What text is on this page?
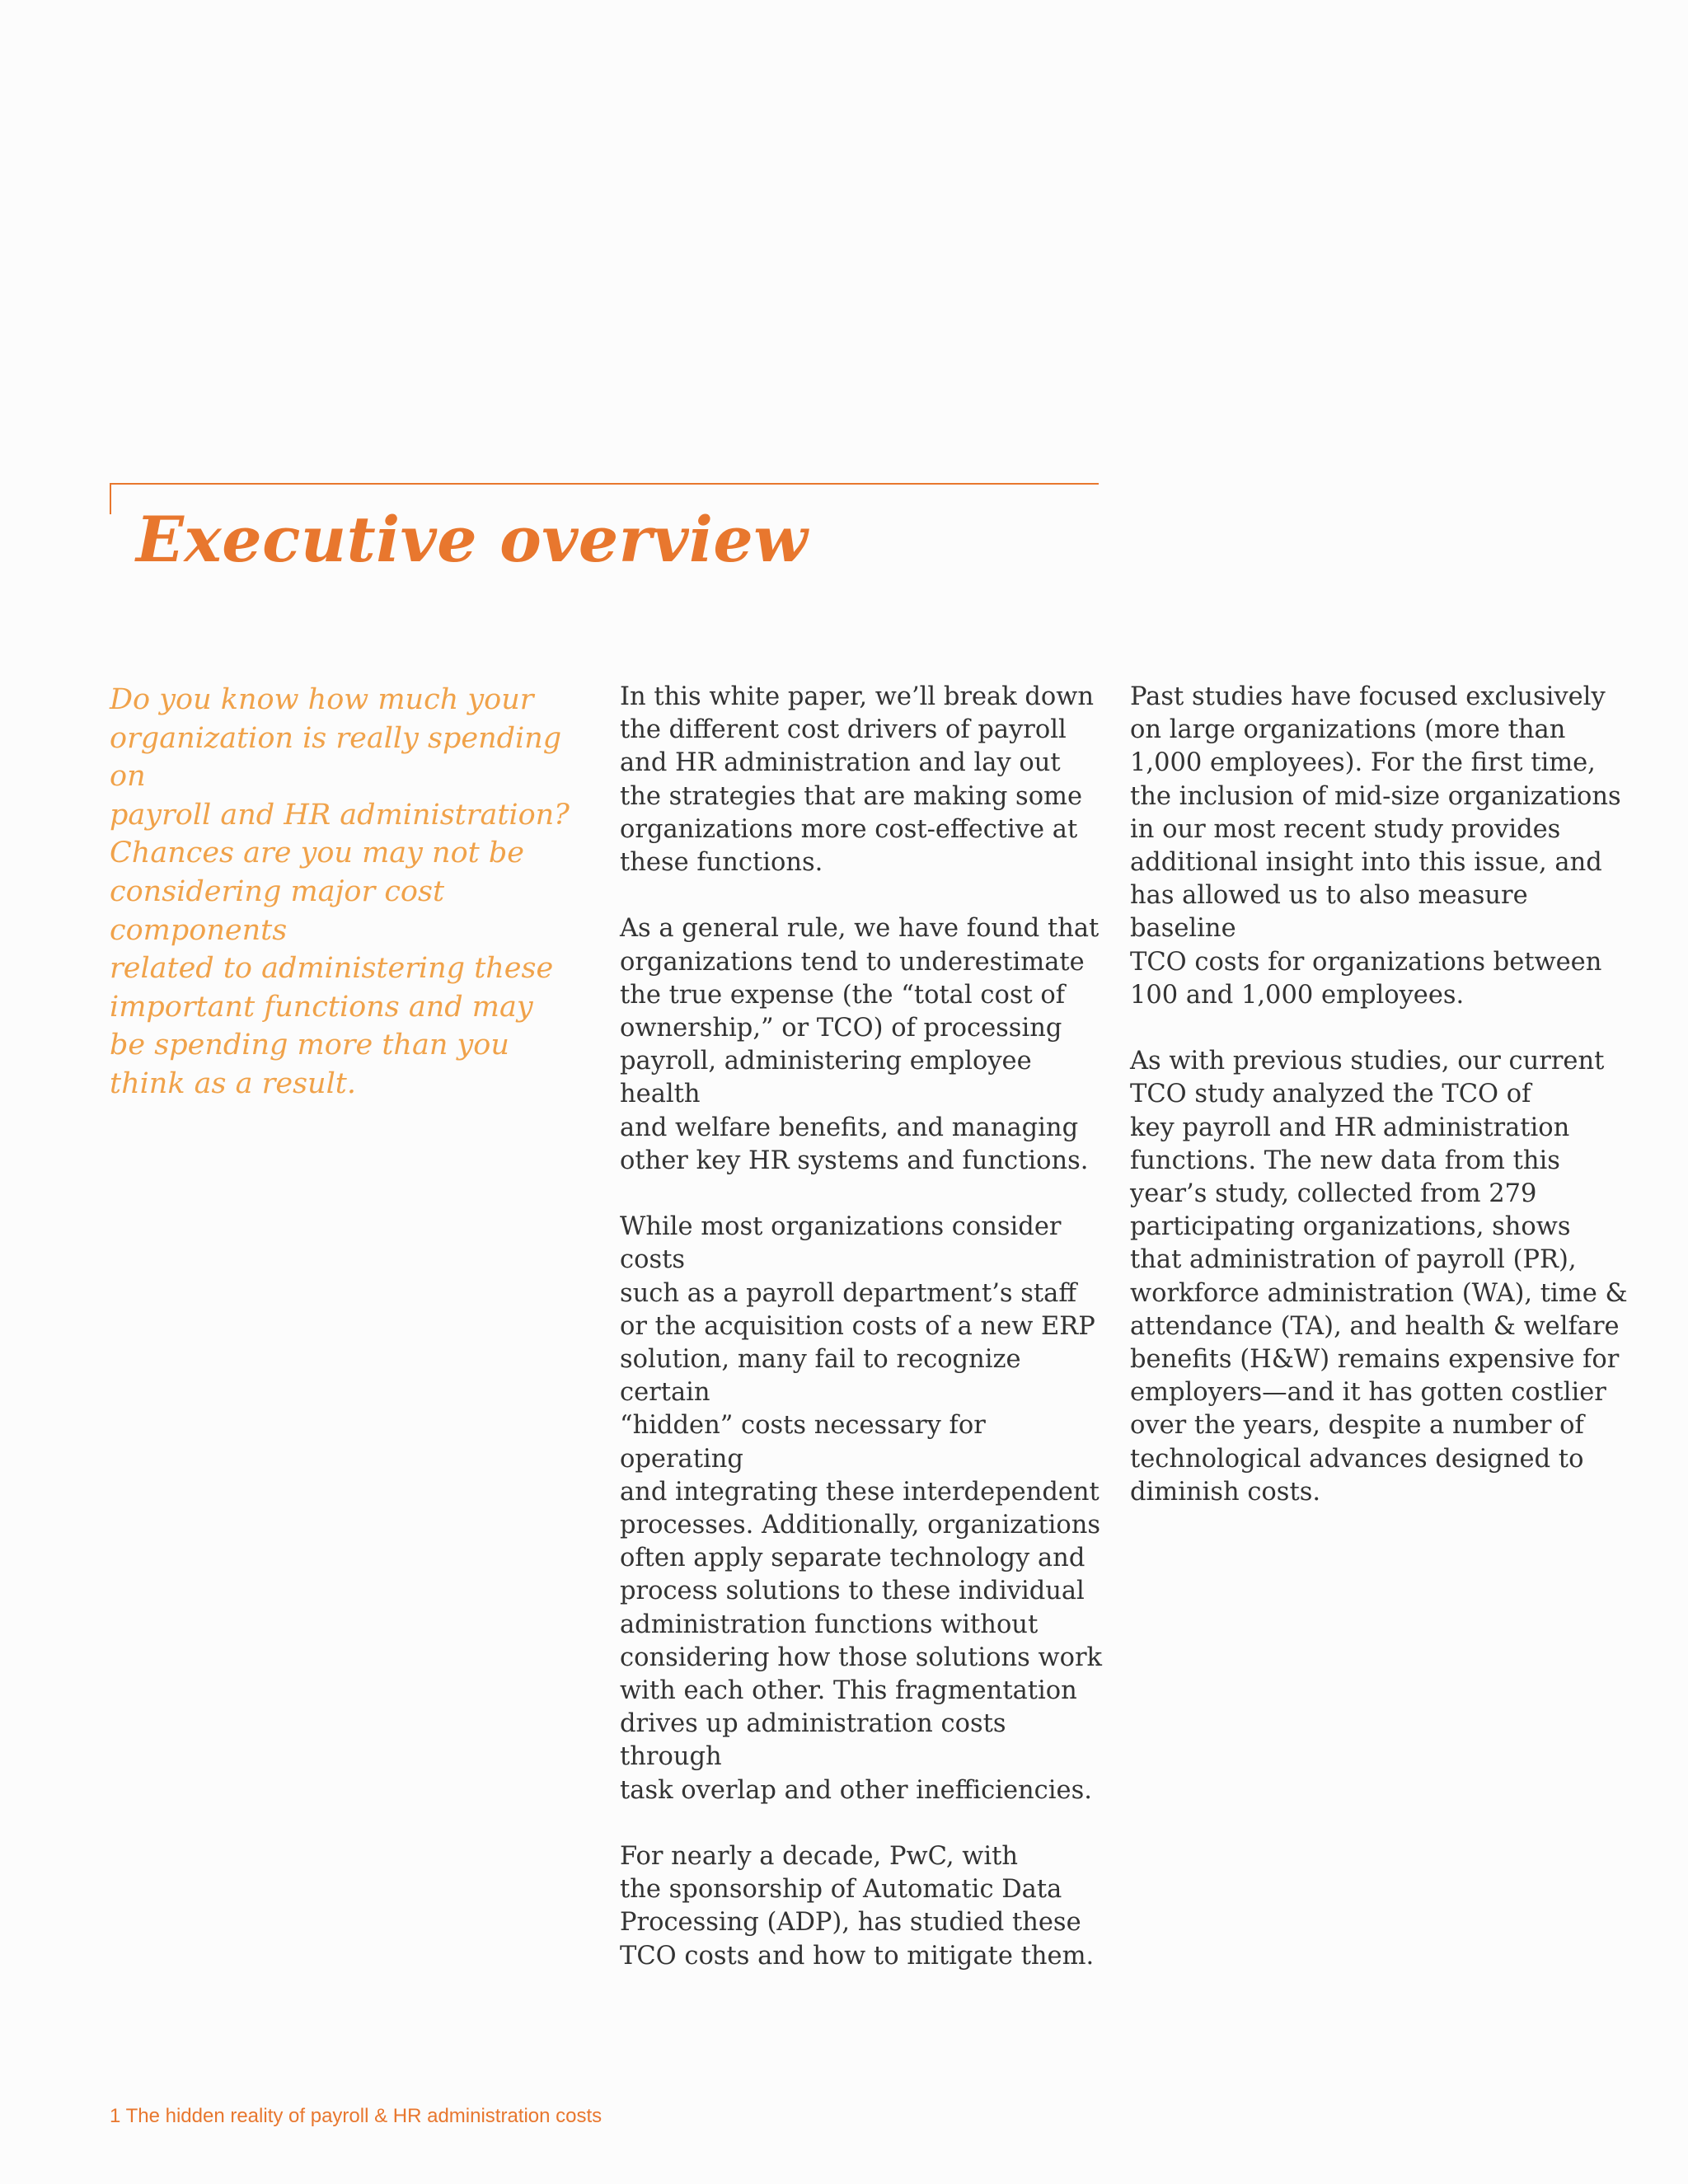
Executive overview

Do you know how much your
organization is really spending on
payroll and HR administration?
Chances are you may not be
considering major cost components
related to administering these
important functions and may
be spending more than you
think as a result.

In this white paper, we’ll break down
the different cost drivers of payroll
and HR administration and lay out
the strategies that are making some
organizations more cost-effective at
these functions.

As a general rule, we have found that
organizations tend to underestimate
the true expense (the “total cost of
ownership,” or TCO) of processing
payroll, administering employee health
and welfare benefits, and managing
other key HR systems and functions.

While most organizations consider costs
such as a payroll department’s staff
or the acquisition costs of a new ERP
solution, many fail to recognize certain
“hidden” costs necessary for operating
and integrating these interdependent
processes. Additionally, organizations
often apply separate technology and
process solutions to these individual
administration functions without
considering how those solutions work
with each other. This fragmentation
drives up administration costs through
task overlap and other inefficiencies.

For nearly a decade, PwC, with
the sponsorship of Automatic Data
Processing (ADP), has studied these
TCO costs and how to mitigate them.

Past studies have focused exclusively
on large organizations (more than
1,000 employees). For the first time,
the inclusion of mid-size organizations
in our most recent study provides
additional insight into this issue, and
has allowed us to also measure baseline
TCO costs for organizations between
100 and 1,000 employees.

As with previous studies, our current
TCO study analyzed the TCO of
key payroll and HR administration
functions. The new data from this
year’s study, collected from 279
participating organizations, shows
that administration of payroll (PR),
workforce administration (WA), time &
attendance (TA), and health & welfare
benefits (H&W) remains expensive for
employers—and it has gotten costlier
over the years, despite a number of
technological advances designed to
diminish costs.

1 The hidden reality of payroll & HR administration costs
